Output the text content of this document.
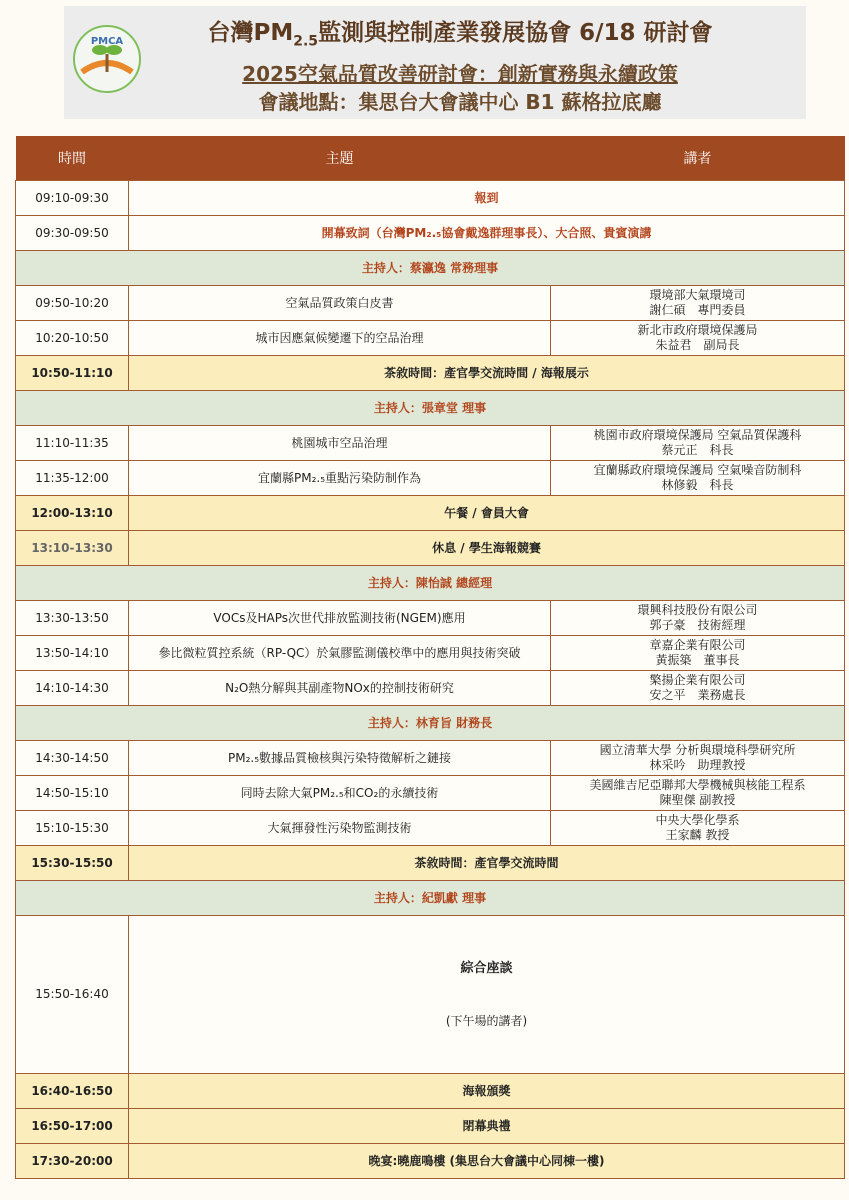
PMCA	台灣$PM_{2.5}$監測與控制產業發展協會 6/18 研討會
2025空氣品質改善研討會：創新實務與永續政策
會議地點：集思台大會議中心 B1 蘇格拉底廳
時間	主題	講者
09:10-09:30	報到	
09:30-09:50	開幕致詞（台灣PM₂.₅協會戴逸群理事長）、大合照、貴賓演講	
主持人：蔡瀛逸 常務理事		
09:50-10:20	空氣品質政策白皮書	環境部大氣環境司
謝仁碩　專門委員
10:20-10:50	城市因應氣候變遷下的空品治理	新北市政府環境保護局
朱益君　副局長
10:50-11:10	茶敘時間：產官學交流時間 / 海報展示	
主持人：張章堂 理事		
11:10-11:35	桃園城市空品治理	桃園市政府環境保護局 空氣品質保護科
蔡元正　科長
11:35-12:00	宜蘭縣PM₂.₅重點污染防制作為	宜蘭縣政府環境保護局 空氣噪音防制科
林修毅　科長
12:00-13:10	午餐 / 會員大會	
13:10-13:30	休息 / 學生海報競賽	
主持人：陳怡誠 總經理		
13:30-13:50	VOCs及HAPs次世代排放監測技術(NGEM)應用	環興科技股份有限公司
郭子豪　技術經理
13:50-14:10	參比微粒質控系統（RP-QC）於氣膠監測儀校準中的應用與技術突破	章嘉企業有限公司
黃振築　董事長
14:10-14:30	N₂O熱分解與其副產物NOx的控制技術研究	檠揚企業有限公司
安之平　業務處長
主持人：林育旨 財務長		
14:30-14:50	PM₂.₅數據品質檢核與污染特徵解析之鏈接	國立清華大學 分析與環境科學研究所
林采吟　助理教授
14:50-15:10	同時去除大氣PM₂.₅和CO₂的永續技術	美國維吉尼亞聯邦大學機械與核能工程系
陳聖傑 副教授
15:10-15:30	大氣揮發性污染物監測技術	中央大學化學系
王家麟 教授
15:30-15:50	茶敘時間：產官學交流時間	
主持人：紀凱獻 理事		
15:50-16:40	綜合座談
(下午場的講者)	
16:40-16:50	海報頒獎	
16:50-17:00	閉幕典禮	
17:30-20:00	晚宴:曉鹿鳴樓 (集思台大會議中心同棟一樓)	
